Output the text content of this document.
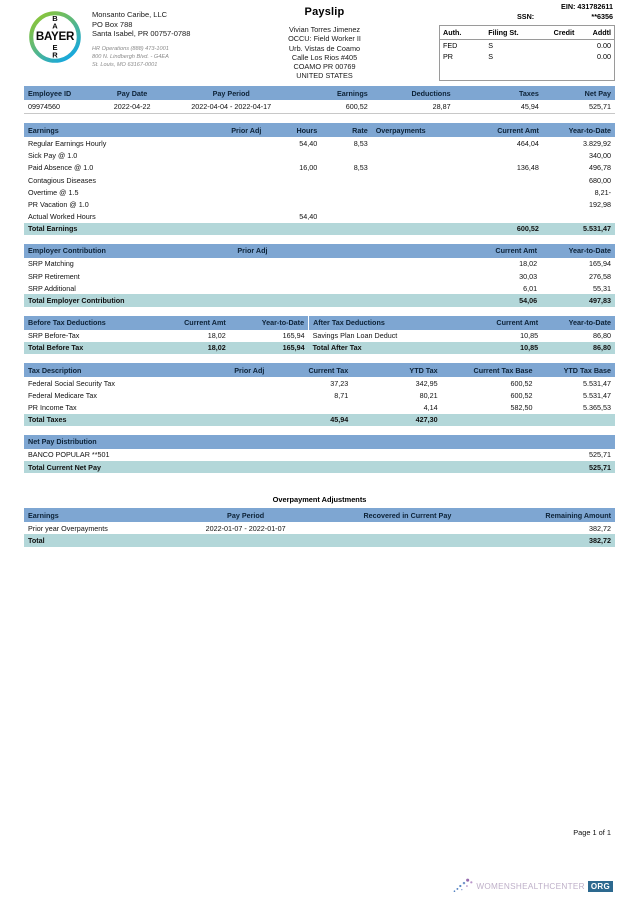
BAYER
B
A
E
R
Monsanto Caribe, LLC
PO Box 788
Santa Isabel, PR 00757-0788
HR Operations (888) 473-1001
800 N. Lindbergh Blvd. - G4EA
St. Louis, MO 63167-0001
Payslip
Vivian Torres Jimenez
OCCU: Field Worker II
Urb. Vistas de Coamo
Calle Los Rios #405
COAMO PR 00769
UNITED STATES
EIN: 431782611
SSN:	**6356
Auth.	Filing St.	Credit	Addtl
FED	S		0.00
PR	S		0.00
Employee ID	Pay Date	Pay Period	Earnings	Deductions	Taxes	Net Pay
09974560	2022-04-22	2022-04-04 - 2022-04-17	600,52	28,87	45,94	525,71
Earnings	Prior Adj	Hours	Rate	Overpayments	Current Amt	Year-to-Date
Regular Earnings Hourly		54,40	8,53		464,04	3.829,92
Sick Pay @ 1.0						340,00
Paid Absence @ 1.0		16,00	8,53		136,48	496,78
Contagious Diseases						680,00
Overtime @ 1.5						8,21-
PR Vacation @ 1.0						192,98
Actual Worked Hours		54,40				
Total Earnings					600,52	5.531,47
Employer Contribution	Prior Adj		Current Amt	Year-to-Date
SRP Matching			18,02	165,94
SRP Retirement			30,03	276,58
SRP Additional			6,01	55,31
Total Employer Contribution			54,06	497,83
Before Tax Deductions	Current Amt	Year-to-Date	After Tax Deductions	Current Amt	Year-to-Date
SRP Before-Tax	18,02	165,94	Savings Plan Loan Deduct	10,85	86,80
Total Before Tax	18,02	165,94	Total After Tax	10,85	86,80
Tax Description	Prior Adj	Current Tax	YTD Tax	Current Tax Base	YTD Tax Base
Federal Social Security Tax		37,23	342,95	600,52	5.531,47
Federal Medicare Tax		8,71	80,21	600,52	5.531,47
PR Income Tax			4,14	582,50	5.365,53
Total Taxes		45,94	427,30		
Net Pay Distribution	
BANCO POPULAR **501	525,71
Total Current Net Pay	525,71
Overpayment Adjustments
Earnings	Pay Period	Recovered in Current Pay	Remaining Amount
Prior year Overpayments	2022-01-07 - 2022-01-07		382,72
Total			382,72
Page 1 of 1
WOMENSHEALTHCENTER ORG
